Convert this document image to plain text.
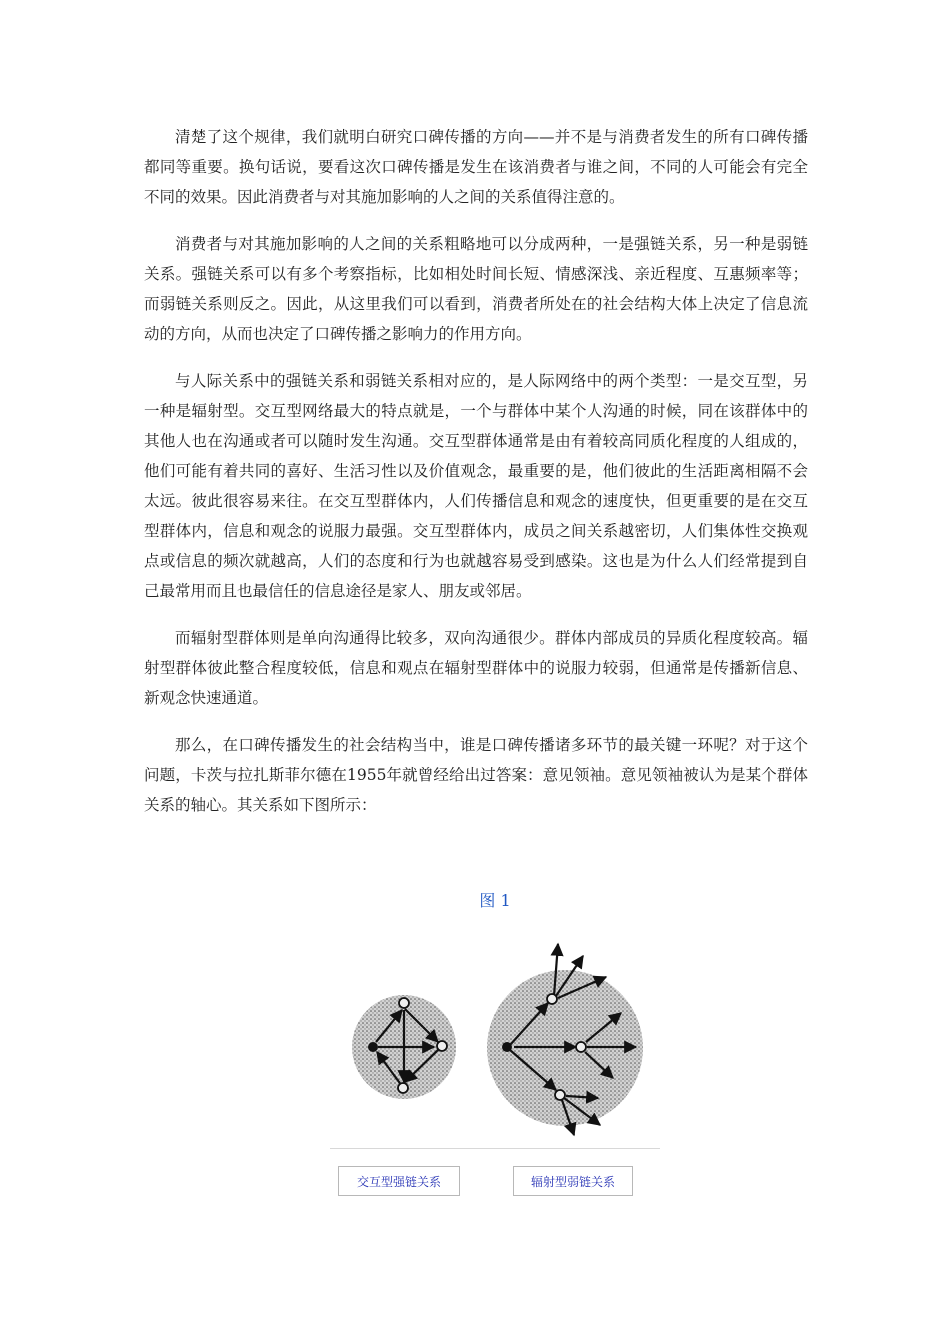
清楚了这个规律，我们就明白研究口碑传播的方向——并不是与消费者发生的所有口碑传播都同等重要。换句话说，要看这次口碑传播是发生在该消费者与谁之间，不同的人可能会有完全不同的效果。因此消费者与对其施加影响的人之间的关系值得注意的。

消费者与对其施加影响的人之间的关系粗略地可以分成两种，一是强链关系，另一种是弱链关系。强链关系可以有多个考察指标，比如相处时间长短、情感深浅、亲近程度、互惠频率等；而弱链关系则反之。因此，从这里我们可以看到，消费者所处在的社会结构大体上决定了信息流动的方向，从而也决定了口碑传播之影响力的作用方向。

与人际关系中的强链关系和弱链关系相对应的，是人际网络中的两个类型：一是交互型，另一种是辐射型。交互型网络最大的特点就是，一个与群体中某个人沟通的时候，同在该群体中的其他人也在沟通或者可以随时发生沟通。交互型群体通常是由有着较高同质化程度的人组成的，他们可能有着共同的喜好、生活习性以及价值观念，最重要的是，他们彼此的生活距离相隔不会太远。彼此很容易来往。在交互型群体内，人们传播信息和观念的速度快，但更重要的是在交互型群体内，信息和观念的说服力最强。交互型群体内，成员之间关系越密切，人们集体性交换观点或信息的频次就越高，人们的态度和行为也就越容易受到感染。这也是为什么人们经常提到自己最常用而且也最信任的信息途径是家人、朋友或邻居。

而辐射型群体则是单向沟通得比较多，双向沟通很少。群体内部成员的异质化程度较高。辐射型群体彼此整合程度较低，信息和观点在辐射型群体中的说服力较弱，但通常是传播新信息、新观念快速通道。

那么，在口碑传播发生的社会结构当中，谁是口碑传播诸多环节的最关键一环呢？对于这个问题，卡茨与拉扎斯菲尔德在1955年就曾经给出过答案：意见领袖。意见领袖被认为是某个群体关系的轴心。其关系如下图所示：

图 1
交互型强链关系	辐射型弱链关系
